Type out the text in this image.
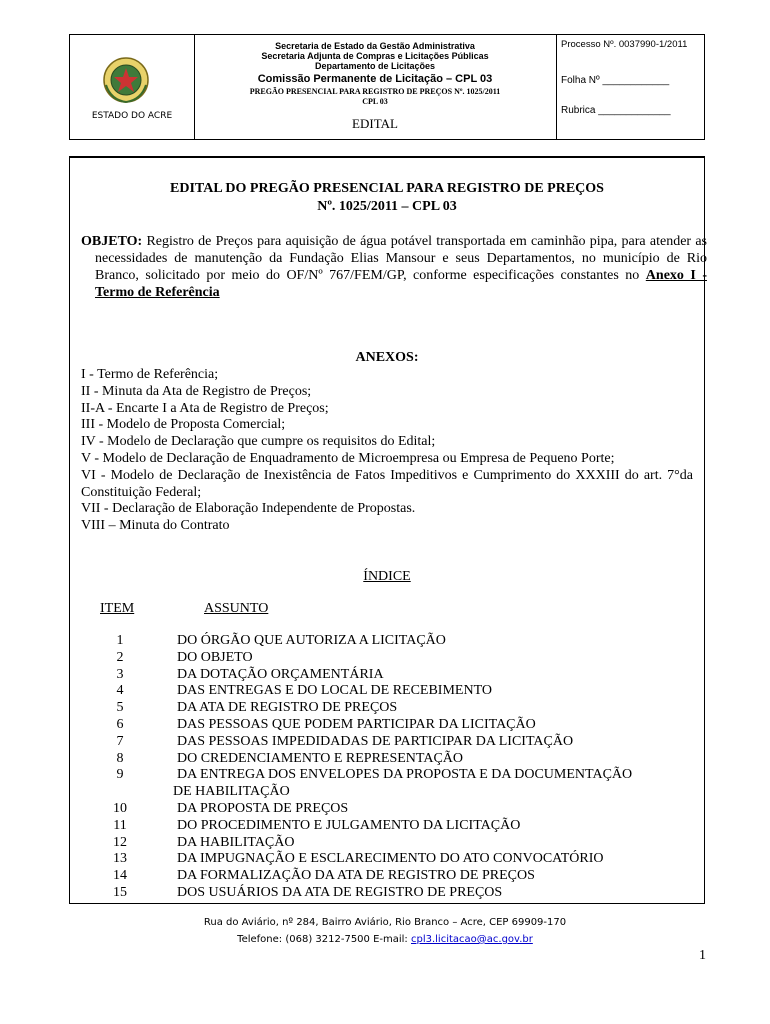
ESTADO DO ACRE
Secretaria de Estado da Gestão Administrativa
Secretaria Adjunta de Compras e Licitações Públicas
Departamento de Licitações
Comissão Permanente de Licitação – CPL 03
PREGÃO PRESENCIAL PARA REGISTRO DE PREÇOS Nº. 1025/2011
CPL 03
EDITAL
Processo Nº. 0037990-1/2011
Folha Nº ____________
Rubrica _____________
EDITAL DO PREGÃO PRESENCIAL PARA REGISTRO DE PREÇOS
Nº. 1025/2011 – CPL 03
OBJETO: Registro de Preços para aquisição de água potável transportada em caminhão pipa, para atender as necessidades de manutenção da Fundação Elias Mansour e seus Departamentos, no município de Rio Branco, solicitado por meio do OF/Nº 767/FEM/GP, conforme especificações constantes no Anexo I - Termo de Referência
ANEXOS:
I - Termo de Referência;
II - Minuta da Ata de Registro de Preços;
II-A - Encarte I a Ata de Registro de Preços;
III - Modelo de Proposta Comercial;
IV - Modelo de Declaração que cumpre os requisitos do Edital;
V - Modelo de Declaração de Enquadramento de Microempresa ou Empresa de Pequeno Porte;
VI - Modelo de Declaração de Inexistência de Fatos Impeditivos e Cumprimento do XXXIII do art. 7°da Constituição Federal;
VII - Declaração de Elaboração Independente de Propostas.
VIII – Minuta do Contrato
ÍNDICE
ITEM	ASSUNTO
1	DO ÓRGÃO QUE AUTORIZA A LICITAÇÃO
2	DO OBJETO
3	DA DOTAÇÃO ORÇAMENTÁRIA
4	DAS ENTREGAS E DO LOCAL DE RECEBIMENTO
5	DA ATA DE REGISTRO DE PREÇOS
6	DAS PESSOAS QUE PODEM PARTICIPAR DA LICITAÇÃO
7	DAS PESSOAS IMPEDIDADAS DE PARTICIPAR DA LICITAÇÃO
8	DO CREDENCIAMENTO E REPRESENTAÇÃO
9	DA ENTREGA DOS ENVELOPES DA PROPOSTA E DA DOCUMENTAÇÃO
DE HABILITAÇÃO
10	DA PROPOSTA DE PREÇOS
11	DO PROCEDIMENTO E JULGAMENTO DA LICITAÇÃO
12	DA HABILITAÇÃO
13	DA IMPUGNAÇÃO E ESCLARECIMENTO DO ATO CONVOCATÓRIO
14	DA FORMALIZAÇÃO DA ATA DE REGISTRO DE PREÇOS
15	DOS USUÁRIOS DA ATA DE REGISTRO DE PREÇOS
Rua do Aviário, nº 284, Bairro Aviário, Rio Branco – Acre, CEP 69909-170
Telefone: (068) 3212-7500 E-mail: cpl3.licitacao@ac.gov.br
1
